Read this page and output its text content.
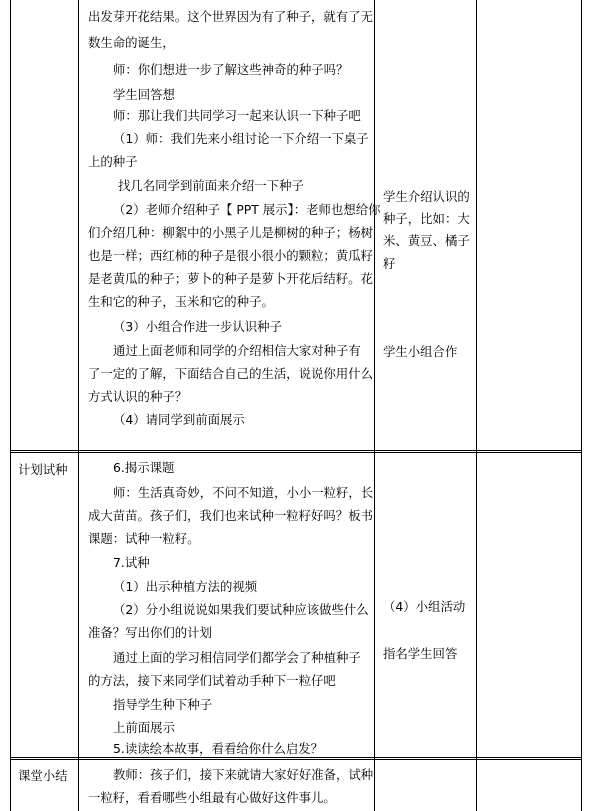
出发芽开花结果。这个世界因为有了种子，就有了无
数生命的诞生，
师：你们想进一步了解这些神奇的种子吗？
学生回答想
师：那让我们共同学习一起来认识一下种子吧
（1）师：我们先来小组讨论一下介绍一下桌子
上的种子
找几名同学到前面来介绍一下种子
（2）老师介绍种子【 PPT 展示】：老师也想给你
们介绍几种：柳絮中的小黑子儿是柳树的种子；杨树
也是一样；西红柿的种子是很小很小的颗粒；黄瓜籽
是老黄瓜的种子；萝卜的种子是萝卜开花后结籽。花
生和它的种子，玉米和它的种子。
（3）小组合作进一步认识种子
通过上面老师和同学的介绍相信大家对种子有
了一定的了解，下面结合自己的生活，说说你用什么
方式认识的种子？
（4）请同学到前面展示
学生介绍认识的
种子，比如：大
米、黄豆、橘子
籽
学生小组合作
计划试种	6.揭示课题
师：生活真奇妙，不问不知道，小小一粒籽，长
成大苗苗。孩子们，我们也来试种一粒籽好吗？板书
课题：试种一粒籽。
7.试种
（1）出示种植方法的视频
（2）分小组说说如果我们要试种应该做些什么
准备？写出你们的计划
通过上面的学习相信同学们都学会了种植种子
的方法，接下来同学们试着动手种下一粒仔吧
指导学生种下种子
上前面展示
5.读读绘本故事，看看给你什么启发？
（4）小组活动
指名学生回答
课堂小结	教师：孩子们，接下来就请大家好好准备，试种
一粒籽，看看哪些小组最有心做好这件事儿。
